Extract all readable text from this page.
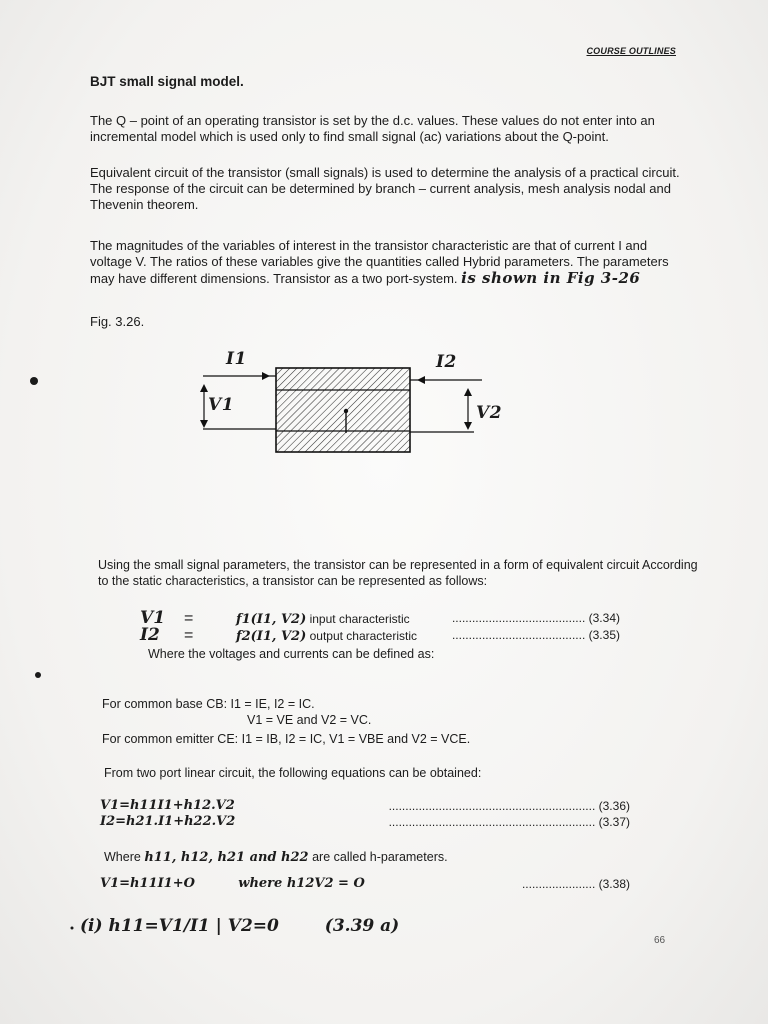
COURSE OUTLINES
BJT small signal model.
The Q – point of an operating transistor is set by the d.c. values. These values do not enter into an incremental model which is used only to find small signal (ac) variations about the Q-point.
Equivalent circuit of the transistor (small signals) is used to determine the analysis of a practical circuit. The response of the circuit can be determined by branch – current analysis, mesh analysis nodal and Thevenin theorem.
The magnitudes of the variables of interest in the transistor characteristic are that of current I and voltage V. The ratios of these variables give the quantities called Hybrid parameters. The parameters may have different dimensions. Transistor as a two port-system. is shown in Fig 3-26
Fig. 3.26.
I1	I2
V1	V2
Using the small signal parameters, the transistor can be represented in a form of equivalent circuit According to the static characteristics, a transistor can be represented as follows:
V1 =	f1(I1, V2) input characteristic	........................................ (3.34)
I2 =	f2(I1, V2) output characteristic	........................................ (3.35)
Where the voltages and currents can be defined as:
For common base CB: I1 = IE, I2 = IC.
V1 = VE and V2 = VC.
For common emitter CE: I1 = IB, I2 = IC, V1 = VBE and V2 = VCE.
From two port linear circuit, the following equations can be obtained:
V1=h11I1+h12.V2	.............................................................. (3.36)
I2=h21.I1+h22.V2	.............................................................. (3.37)
Where h11, h12, h21 and h22 are called h-parameters.
V1=h11I1+O	where h12V2 = O	...................... (3.38)
(i) h11=V1/I1 | V2=0	(3.39 a)
66
